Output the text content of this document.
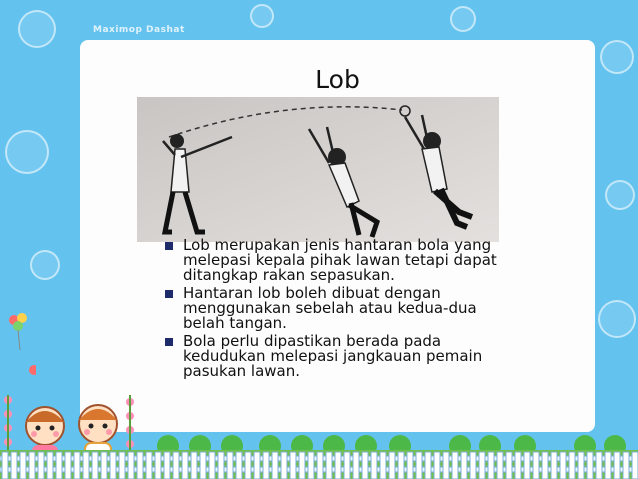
Maximop Dashat
Lob
Lob merupakan jenis hantaran bola yang melepasi kepala pihak lawan tetapi dapat ditangkap rakan sepasukan.
Hantaran lob boleh dibuat dengan menggunakan sebelah atau kedua-dua belah tangan.
Bola perlu dipastikan berada pada kedudukan melepasi jangkauan pemain pasukan lawan.
